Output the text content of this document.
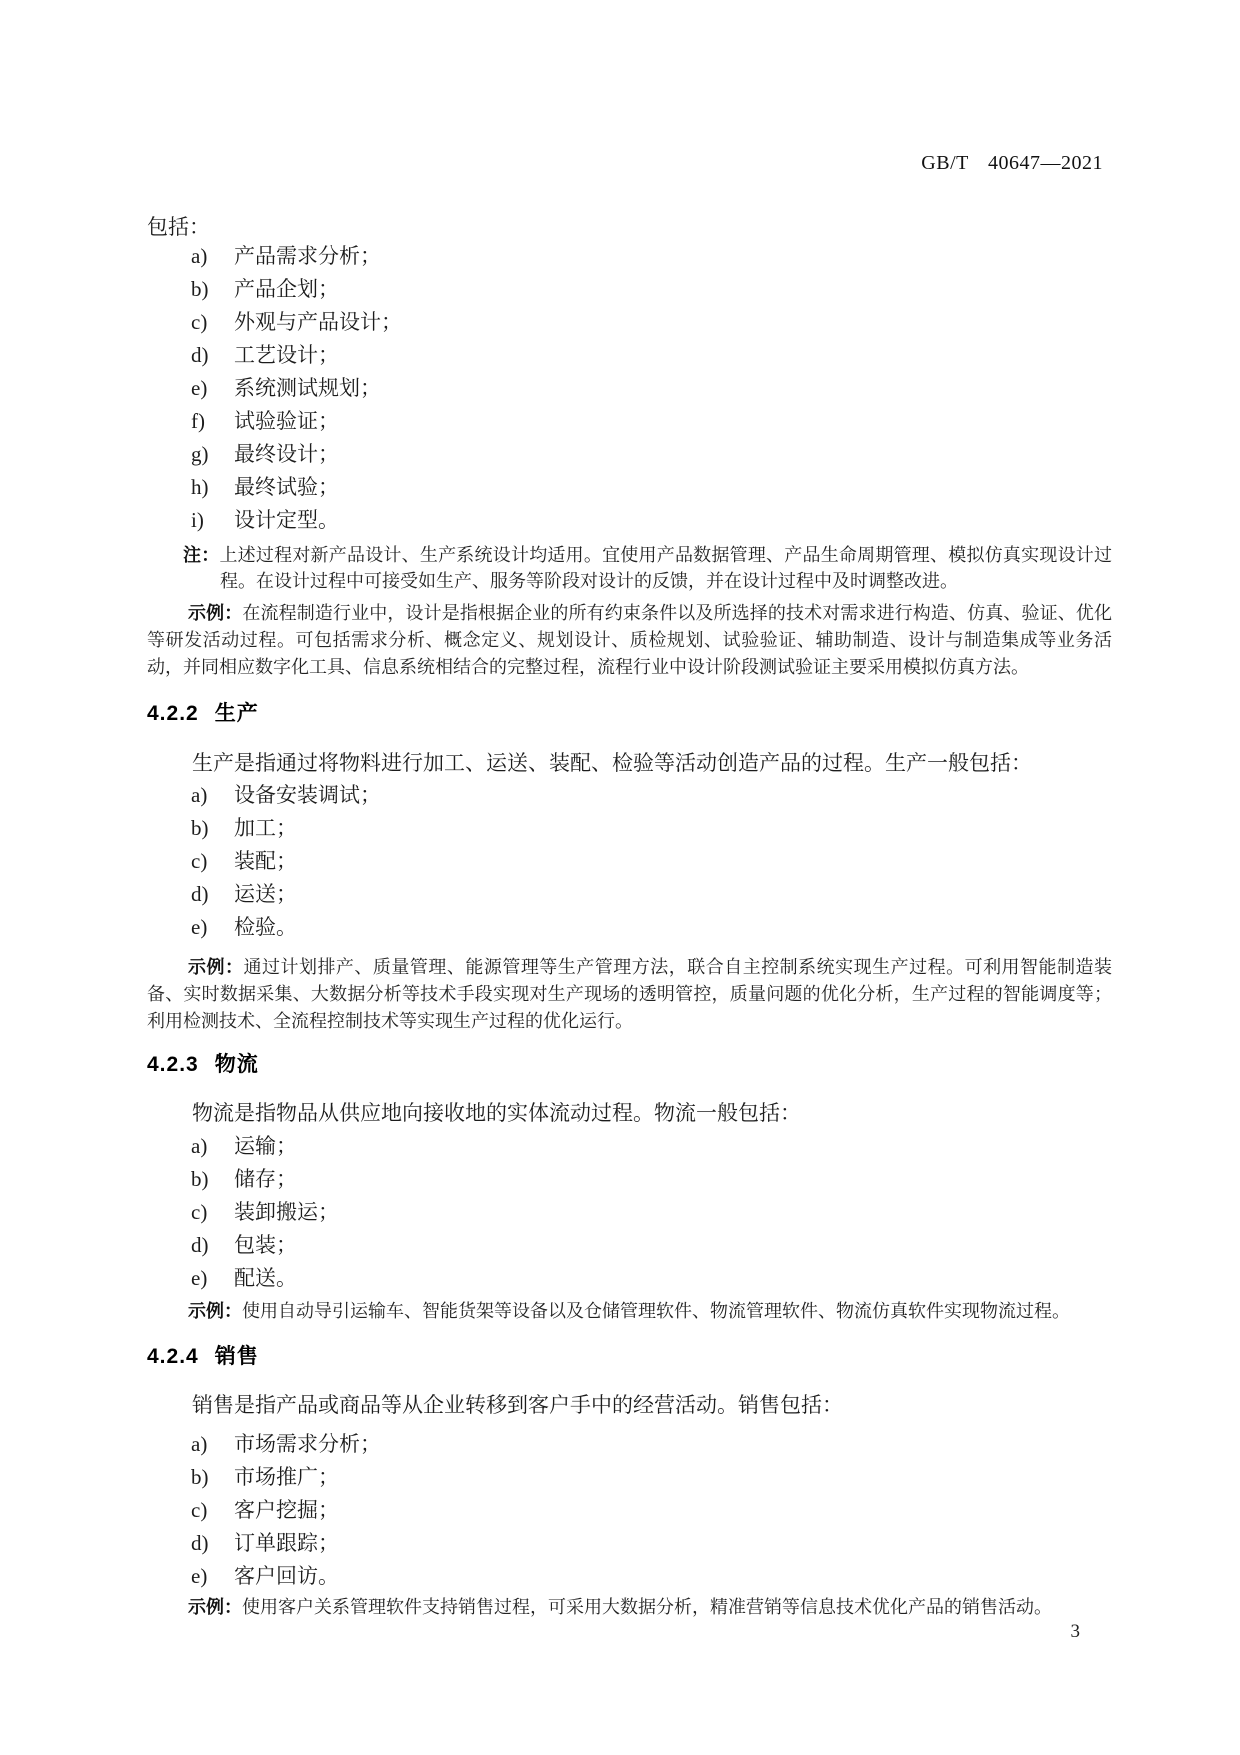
GB/T 40647—2021
包括：
a) 产品需求分析；
b) 产品企划；
c) 外观与产品设计；
d) 工艺设计；
e) 系统测试规划；
f) 试验验证；
g) 最终设计；
h) 最终试验；
i) 设计定型。

注：上述过程对新产品设计、生产系统设计均适用。宜使用产品数据管理、产品生命周期管理、模拟仿真实现设计过程。在设计过程中可接受如生产、服务等阶段对设计的反馈，并在设计过程中及时调整改进。

示例：在流程制造行业中，设计是指根据企业的所有约束条件以及所选择的技术对需求进行构造、仿真、验证、优化等研发活动过程。可包括需求分析、概念定义、规划设计、质检规划、试验验证、辅助制造、设计与制造集成等业务活动，并同相应数字化工具、信息系统相结合的完整过程，流程行业中设计阶段测试验证主要采用模拟仿真方法。

4.2.2 生产

生产是指通过将物料进行加工、运送、装配、检验等活动创造产品的过程。生产一般包括：

a) 设备安装调试；
b) 加工；
c) 装配；
d) 运送；
e) 检验。

示例：通过计划排产、质量管理、能源管理等生产管理方法，联合自主控制系统实现生产过程。可利用智能制造装备、实时数据采集、大数据分析等技术手段实现对生产现场的透明管控，质量问题的优化分析，生产过程的智能调度等；利用检测技术、全流程控制技术等实现生产过程的优化运行。

4.2.3 物流

物流是指物品从供应地向接收地的实体流动过程。物流一般包括：

a) 运输；
b) 储存；
c) 装卸搬运；
d) 包装；
e) 配送。

示例：使用自动导引运输车、智能货架等设备以及仓储管理软件、物流管理软件、物流仿真软件实现物流过程。

4.2.4 销售

销售是指产品或商品等从企业转移到客户手中的经营活动。销售包括：

a) 市场需求分析；
b) 市场推广；
c) 客户挖掘；
d) 订单跟踪；
e) 客户回访。

示例：使用客户关系管理软件支持销售过程，可采用大数据分析，精准营销等信息技术优化产品的销售活动。

3
